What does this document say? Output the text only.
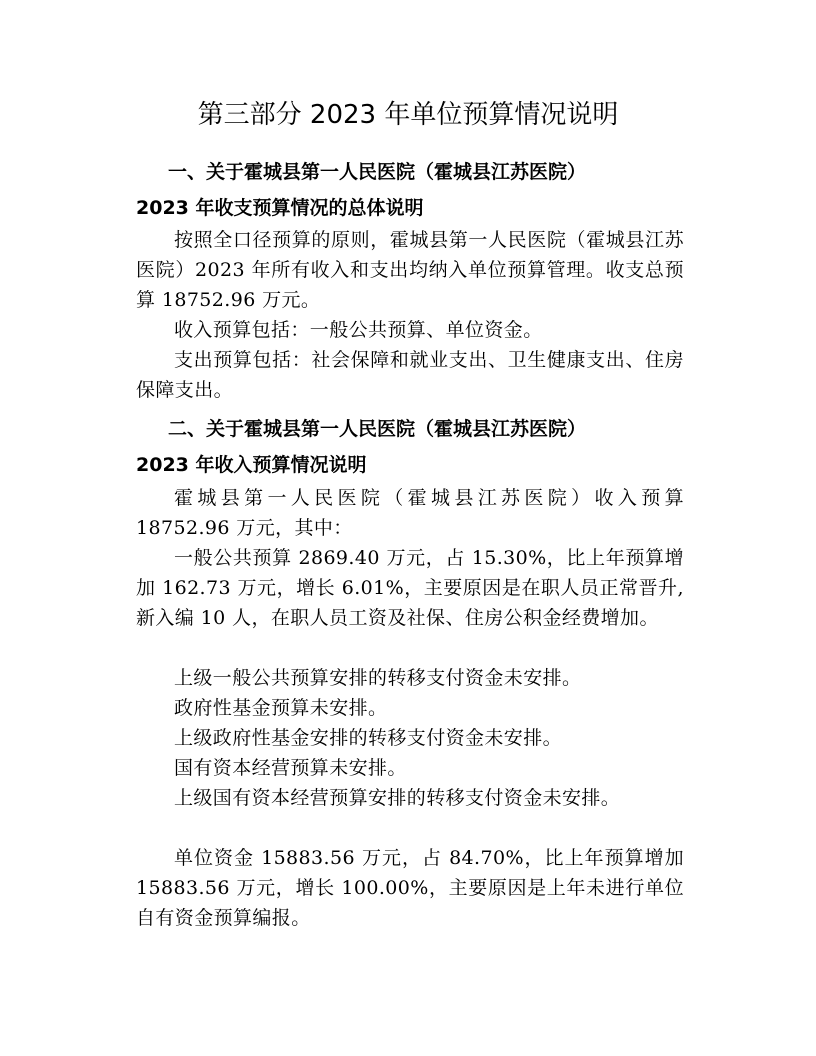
第三部分 2023 年单位预算情况说明
一、关于霍城县第一人民医院（霍城县江苏医院）
2023 年收支预算情况的总体说明

按照全口径预算的原则，霍城县第一人民医院（霍城县江苏医院）2023 年所有收入和支出均纳入单位预算管理。收支总预算 18752.96 万元。

收入预算包括：一般公共预算、单位资金。

支出预算包括：社会保障和就业支出、卫生健康支出、住房保障支出。

二、关于霍城县第一人民医院（霍城县江苏医院）
2023 年收入预算情况说明

霍城县第一人民医院（霍城县江苏医院）收入预算 18752.96 万元，其中：

一般公共预算 2869.40 万元，占 15.30%，比上年预算增加 162.73 万元，增长 6.01%，主要原因是在职人员正常晋升,新入编 10 人，在职人员工资及社保、住房公积金经费增加。

上级一般公共预算安排的转移支付资金未安排。

政府性基金预算未安排。

上级政府性基金安排的转移支付资金未安排。

国有资本经营预算未安排。

上级国有资本经营预算安排的转移支付资金未安排。

单位资金 15883.56 万元，占 84.70%，比上年预算增加 15883.56 万元，增长 100.00%，主要原因是上年未进行单位自有资金预算编报。
